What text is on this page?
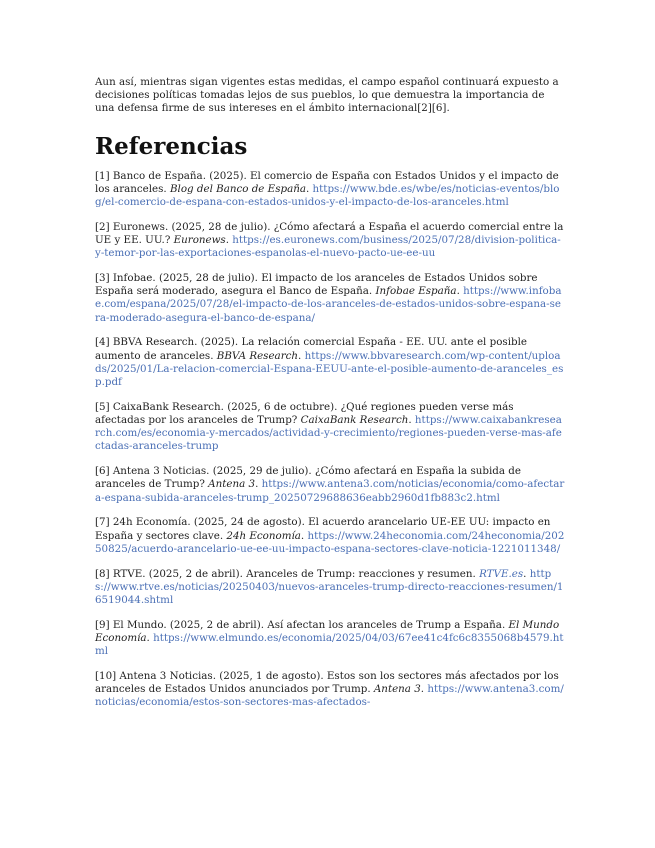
Aun así, mientras sigan vigentes estas medidas, el campo español continuará expuesto a decisiones políticas tomadas lejos de sus pueblos, lo que demuestra la importancia de una defensa firme de sus intereses en el ámbito internacional[2][6].

Referencias

[1] Banco de España. (2025). El comercio de España con Estados Unidos y el impacto de los aranceles. Blog del Banco de España. https://www.bde.es/wbe/es/noticias-eventos/blog/el-comercio-de-espana-con-estados-unidos-y-el-impacto-de-los-aranceles.html

[2] Euronews. (2025, 28 de julio). ¿Cómo afectará a España el acuerdo comercial entre la UE y EE. UU.? Euronews. https://es.euronews.com/business/2025/07/28/division-politica-y-temor-por-las-exportaciones-espanolas-el-nuevo-pacto-ue-ee-uu

[3] Infobae. (2025, 28 de julio). El impacto de los aranceles de Estados Unidos sobre España será moderado, asegura el Banco de España. Infobae España. https://www.infobae.com/espana/2025/07/28/el-impacto-de-los-aranceles-de-estados-unidos-sobre-espana-sera-moderado-asegura-el-banco-de-espana/

[4] BBVA Research. (2025). La relación comercial España - EE. UU. ante el posible aumento de aranceles. BBVA Research. https://www.bbvaresearch.com/wp-content/uploads/2025/01/La-relacion-comercial-Espana-EEUU-ante-el-posible-aumento-de-aranceles_esp.pdf

[5] CaixaBank Research. (2025, 6 de octubre). ¿Qué regiones pueden verse más afectadas por los aranceles de Trump? CaixaBank Research. https://www.caixabankresearch.com/es/economia-y-mercados/actividad-y-crecimiento/regiones-pueden-verse-mas-afectadas-aranceles-trump

[6] Antena 3 Noticias. (2025, 29 de julio). ¿Cómo afectará en España la subida de aranceles de Trump? Antena 3. https://www.antena3.com/noticias/economia/como-afectara-espana-subida-aranceles-trump_20250729688636eabb2960d1fb883c2.html

[7] 24h Economía. (2025, 24 de agosto). El acuerdo arancelario UE-EE UU: impacto en España y sectores clave. 24h Economía. https://www.24heconomia.com/24heconomia/20250825/acuerdo-arancelario-ue-ee-uu-impacto-espana-sectores-clave-noticia-1221011348/

[8] RTVE. (2025, 2 de abril). Aranceles de Trump: reacciones y resumen. RTVE.es. https://www.rtve.es/noticias/20250403/nuevos-aranceles-trump-directo-reacciones-resumen/16519044.shtml

[9] El Mundo. (2025, 2 de abril). Así afectan los aranceles de Trump a España. El Mundo Economía. https://www.elmundo.es/economia/2025/04/03/67ee41c4fc6c8355068b4579.html

[10] Antena 3 Noticias. (2025, 1 de agosto). Estos son los sectores más afectados por los aranceles de Estados Unidos anunciados por Trump. Antena 3. https://www.antena3.com/noticias/economia/estos-son-sectores-mas-afectados-
